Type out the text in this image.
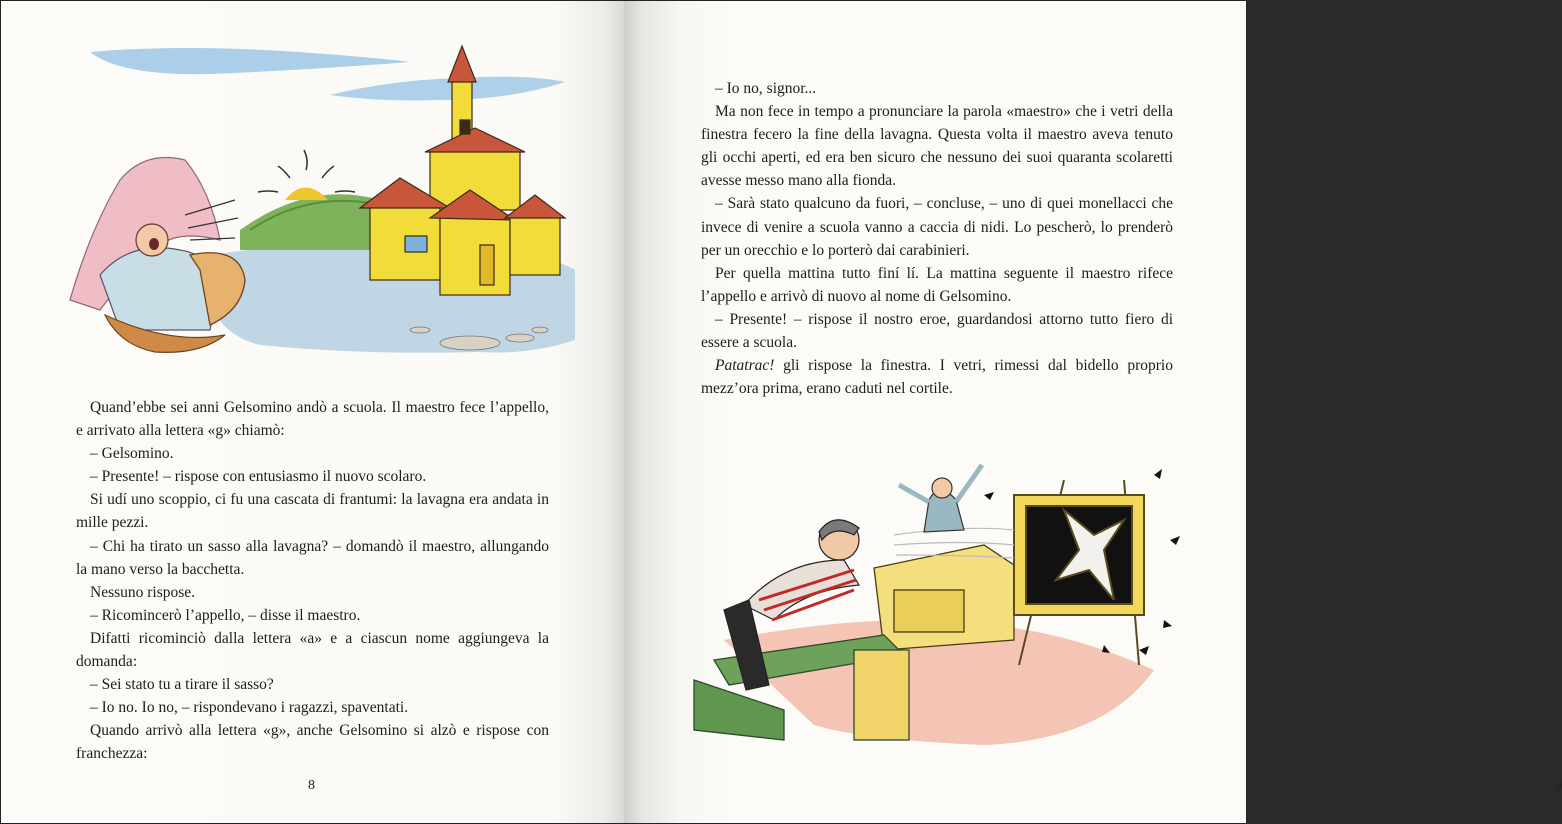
Quand’ebbe sei anni Gelsomino andò a scuola. Il maestro fece l’appello, e arrivato alla lettera «g» chiamò:

– Gelsomino.

– Presente! – rispose con entusiasmo il nuovo scolaro.

Si udí uno scoppio, ci fu una cascata di frantumi: la lavagna era andata in mille pezzi.

– Chi ha tirato un sasso alla lavagna? – domandò il maestro, allungando la mano verso la bacchetta.

Nessuno rispose.

– Ricomincerò l’appello, – disse il maestro.

Difatti ricominciò dalla lettera «a» e a ciascun nome aggiungeva la domanda:

– Sei stato tu a tirare il sasso?

– Io no. Io no, – rispondevano i ragazzi, spaventati.

Quando arrivò alla lettera «g», anche Gelsomino si alzò e rispose con franchezza:

8

– Io no, signor...

Ma non fece in tempo a pronunciare la parola «maestro» che i vetri della finestra fecero la fine della lavagna. Questa volta il maestro aveva tenuto gli occhi aperti, ed era ben sicuro che nessuno dei suoi quaranta scolaretti avesse messo mano alla fionda.

– Sarà stato qualcuno da fuori, – concluse, – uno di quei monellacci che invece di venire a scuola vanno a caccia di nidi. Lo pescherò, lo prenderò per un orecchio e lo porterò dai carabinieri.

Per quella mattina tutto finí lí. La mattina seguente il maestro rifece l’appello e arrivò di nuovo al nome di Gelsomino.

– Presente! – rispose il nostro eroe, guardandosi attorno tutto fiero di essere a scuola.

Patatrac! gli rispose la finestra. I vetri, rimessi dal bidello proprio mezz’ora prima, erano caduti nel cortile.

9
